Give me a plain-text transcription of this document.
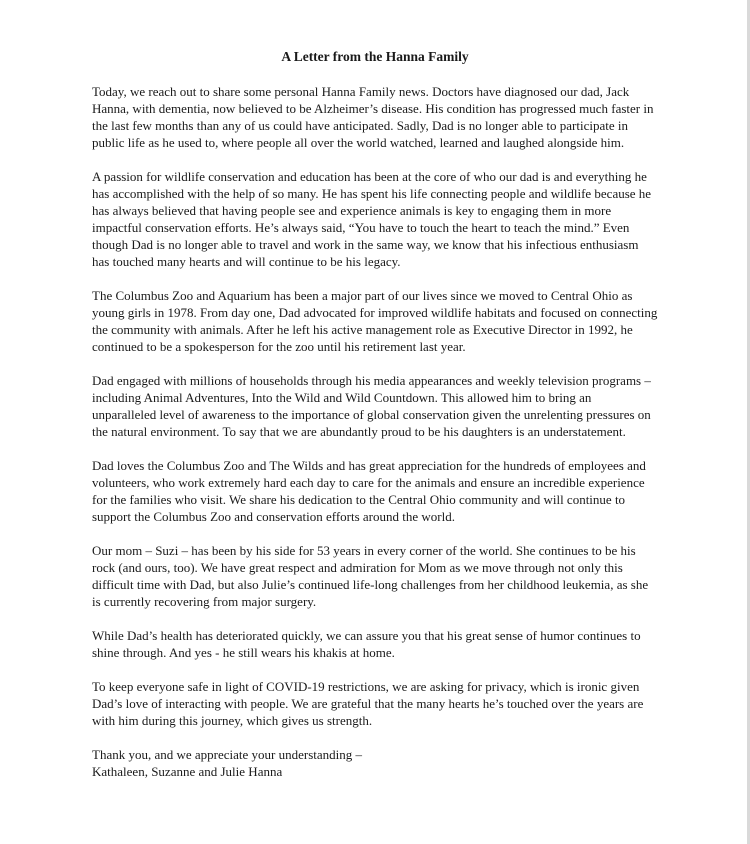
A Letter from the Hanna Family

Today, we reach out to share some personal Hanna Family news. Doctors have diagnosed our dad, Jack Hanna, with dementia, now believed to be Alzheimer’s disease. His condition has progressed much faster in the last few months than any of us could have anticipated. Sadly, Dad is no longer able to participate in public life as he used to, where people all over the world watched, learned and laughed alongside him.

A passion for wildlife conservation and education has been at the core of who our dad is and everything he has accomplished with the help of so many. He has spent his life connecting people and wildlife because he has always believed that having people see and experience animals is key to engaging them in more impactful conservation efforts. He’s always said, “You have to touch the heart to teach the mind.” Even though Dad is no longer able to travel and work in the same way, we know that his infectious enthusiasm has touched many hearts and will continue to be his legacy.

The Columbus Zoo and Aquarium has been a major part of our lives since we moved to Central Ohio as young girls in 1978. From day one, Dad advocated for improved wildlife habitats and focused on connecting the community with animals. After he left his active management role as Executive Director in 1992, he continued to be a spokesperson for the zoo until his retirement last year.

Dad engaged with millions of households through his media appearances and weekly television programs – including Animal Adventures, Into the Wild and Wild Countdown. This allowed him to bring an unparalleled level of awareness to the importance of global conservation given the unrelenting pressures on the natural environment. To say that we are abundantly proud to be his daughters is an understatement.

Dad loves the Columbus Zoo and The Wilds and has great appreciation for the hundreds of employees and volunteers, who work extremely hard each day to care for the animals and ensure an incredible experience for the families who visit. We share his dedication to the Central Ohio community and will continue to support the Columbus Zoo and conservation efforts around the world.

Our mom – Suzi – has been by his side for 53 years in every corner of the world. She continues to be his rock (and ours, too). We have great respect and admiration for Mom as we move through not only this difficult time with Dad, but also Julie’s continued life-long challenges from her childhood leukemia, as she is currently recovering from major surgery.

While Dad’s health has deteriorated quickly, we can assure you that his great sense of humor continues to shine through. And yes - he still wears his khakis at home.

To keep everyone safe in light of COVID-19 restrictions, we are asking for privacy, which is ironic given Dad’s love of interacting with people. We are grateful that the many hearts he’s touched over the years are with him during this journey, which gives us strength.

Thank you, and we appreciate your understanding –
Kathaleen, Suzanne and Julie Hanna
